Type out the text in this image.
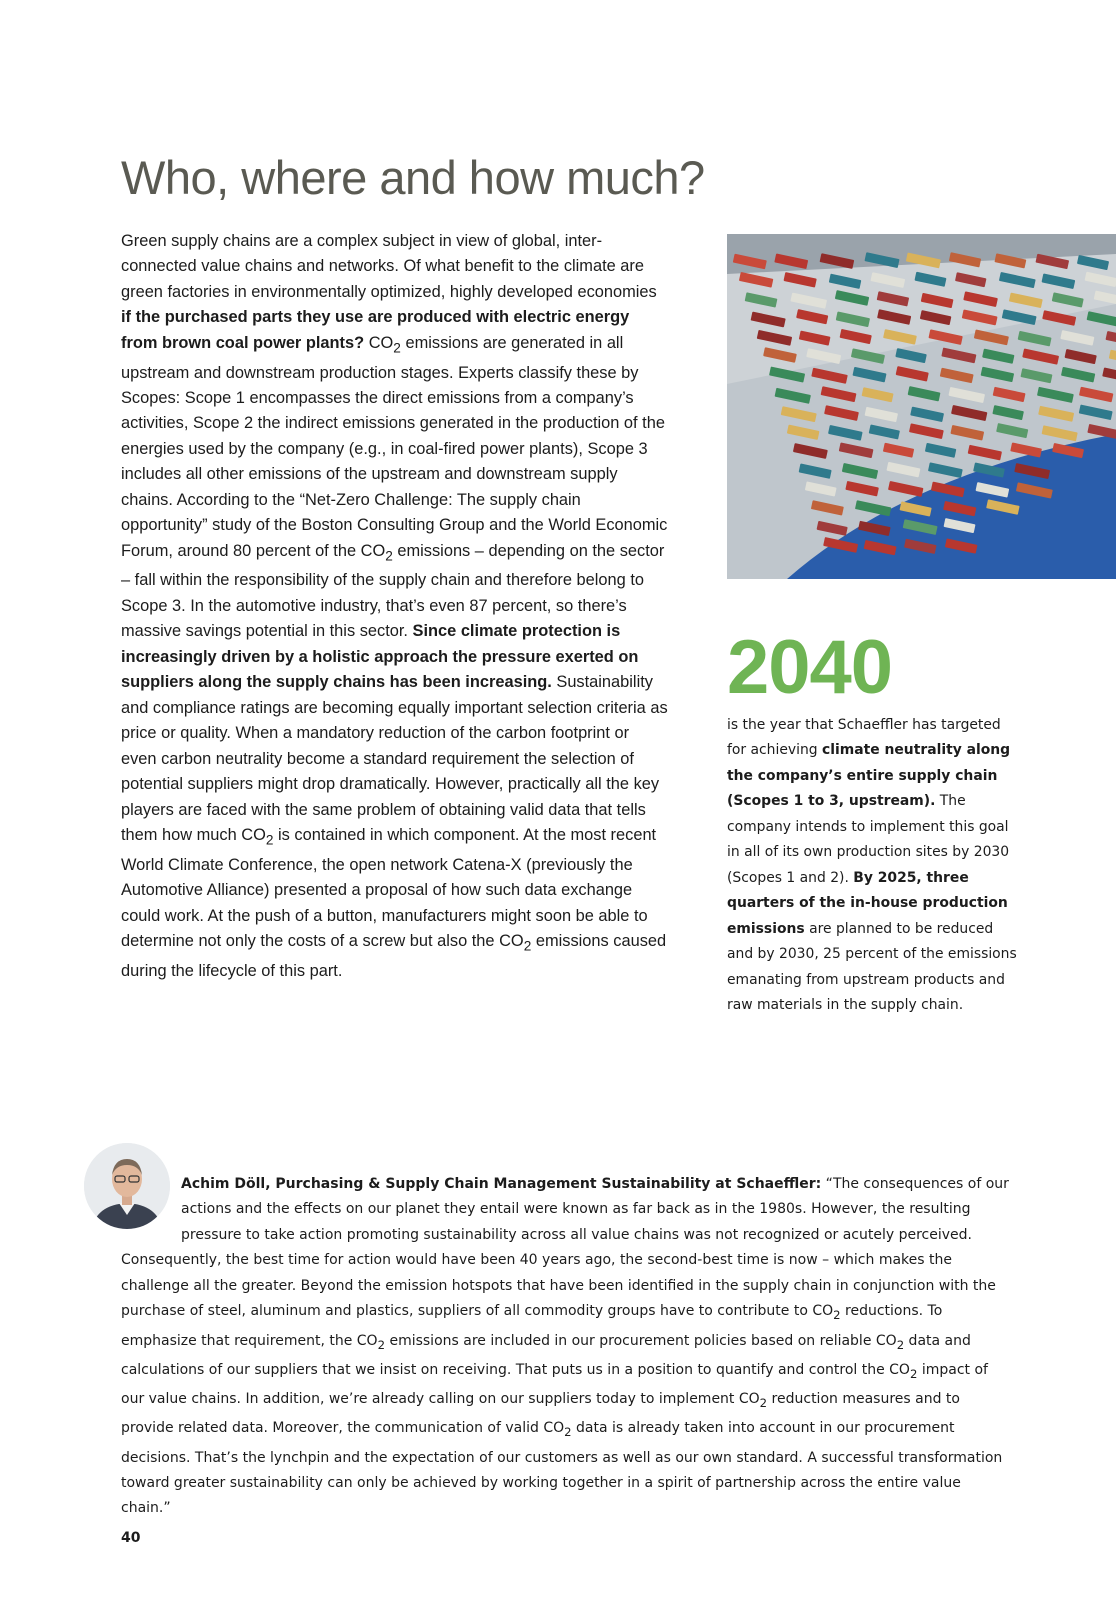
Who, where and how much?

Green supply chains are a complex subject in view of global, interconnected value chains and networks. Of what benefit to the climate are green factories in environmentally optimized, highly developed economies if the purchased parts they use are produced with electric energy from brown coal power plants? $CO_2$ emissions are generated in all upstream and downstream production stages. Experts classify these by Scopes: Scope 1 encompasses the direct emissions from a company’s activities, Scope 2 the indirect emissions generated in the production of the energies used by the company (e.g., in coal-fired power plants), Scope 3 includes all other emissions of the upstream and downstream supply chains. According to the “Net-Zero Challenge: The supply chain opportunity” study of the Boston Consulting Group and the World Economic Forum, around 80 percent of the $CO_2$ emissions – depending on the sector – fall within the responsibility of the supply chain and therefore belong to Scope 3. In the automotive industry, that’s even 87 percent, so there’s massive savings potential in this sector. Since climate protection is increasingly driven by a holistic approach the pressure exerted on suppliers along the supply chains has been increasing. Sustainability and compliance ratings are becoming equally important selection criteria as price or quality. When a mandatory reduction of the carbon footprint or even carbon neutrality become a standard requirement the selection of potential suppliers might drop dramatically. However, practically all the key players are faced with the same problem of obtaining valid data that tells them how much $CO_2$ is contained in which component. At the most recent World Climate Conference, the open network Catena-X (previously the Automotive Alliance) presented a proposal of how such data exchange could work. At the push of a button, manufacturers might soon be able to determine not only the costs of a screw but also the $CO_2$ emissions caused during the lifecycle of this part.

2040

is the year that Schaeffler has targeted for achieving climate neutrality along the company’s entire supply chain (Scopes 1 to 3, upstream). The company intends to implement this goal in all of its own production sites by 2030 (Scopes 1 and 2). By 2025, three quarters of the in-house production emissions are planned to be reduced and by 2030, 25 percent of the emissions emanating from upstream products and raw materials in the supply chain.

Achim Döll, Purchasing & Supply Chain Management Sustainability at Schaeffler: “The consequences of our actions and the effects on our planet they entail were known as far back as in the 1980s. However, the resulting pressure to take action promoting sustainability across all value chains was not recognized or acutely perceived. Consequently, the best time for action would have been 40 years ago, the second-best time is now – which makes the challenge all the greater. Beyond the emission hotspots that have been identified in the supply chain in conjunction with the purchase of steel, aluminum and plastics, suppliers of all commodity groups have to contribute to $CO_2$ reductions. To emphasize that requirement, the $CO_2$ emissions are included in our procurement policies based on reliable $CO_2$ data and calculations of our suppliers that we insist on receiving. That puts us in a position to quantify and control the $CO_2$ impact of our value chains. In addition, we’re already calling on our suppliers today to implement $CO_2$ reduction measures and to provide related data. Moreover, the communication of valid $CO_2$ data is already taken into account in our procurement decisions. That’s the lynchpin and the expectation of our customers as well as our own standard. A successful transformation toward greater sustainability can only be achieved by working together in a spirit of partnership across the entire value chain.”

40
